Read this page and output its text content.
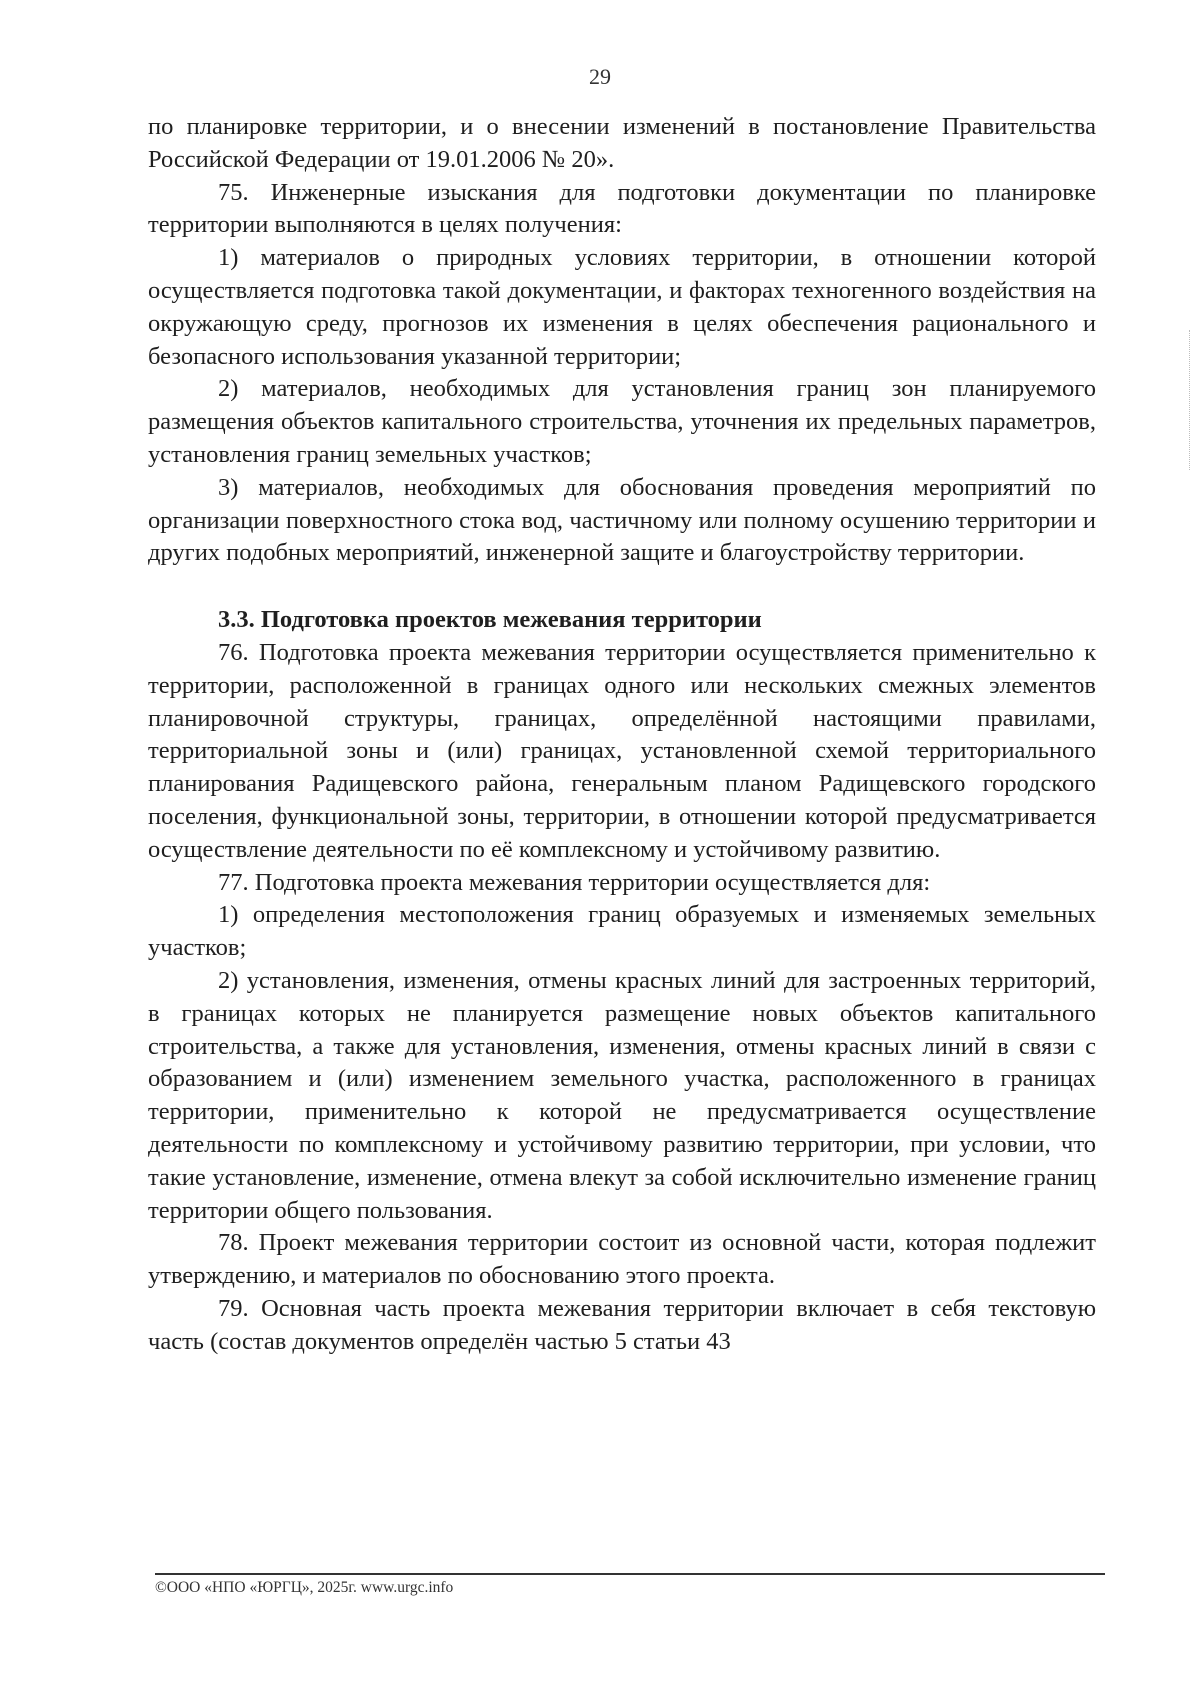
29

по планировке территории, и о внесении изменений в постановление Правительства Российской Федерации от 19.01.2006 № 20».

75. Инженерные изыскания для подготовки документации по планировке территории выполняются в целях получения:

1) материалов о природных условиях территории, в отношении которой осуществляется подготовка такой документации, и факторах техногенного воздействия на окружающую среду, прогнозов их изменения в целях обеспечения рационального и безопасного использования указанной территории;

2) материалов, необходимых для установления границ зон планируемого размещения объектов капитального строительства, уточнения их предельных параметров, установления границ земельных участков;

3) материалов, необходимых для обоснования проведения мероприятий по организации поверхностного стока вод, частичному или полному осушению территории и других подобных мероприятий, инженерной защите и благоустройству территории.

3.3. Подготовка проектов межевания территории

76. Подготовка проекта межевания территории осуществляется применительно к территории, расположенной в границах одного или нескольких смежных элементов планировочной структуры, границах, определённой настоящими правилами, территориальной зоны и (или) границах, установленной схемой территориального планирования Радищевского района, генеральным планом Радищевского городского поселения, функциональной зоны, территории, в отношении которой предусматривается осуществление деятельности по её комплексному и устойчивому развитию.

77. Подготовка проекта межевания территории осуществляется для:

1) определения местоположения границ образуемых и изменяемых земельных участков;

2) установления, изменения, отмены красных линий для застроенных территорий, в границах которых не планируется размещение новых объектов капитального строительства, а также для установления, изменения, отмены красных линий в связи с образованием и (или) изменением земельного участка, расположенного в границах территории, применительно к которой не предусматривается осуществление деятельности по комплексному и устойчивому развитию территории, при условии, что такие установление, изменение, отмена влекут за собой исключительно изменение границ территории общего пользования.

78. Проект межевания территории состоит из основной части, которая подлежит утверждению, и материалов по обоснованию этого проекта.

79. Основная часть проекта межевания территории включает в себя текстовую часть (состав документов определён частью 5 статьи 43

©ООО «НПО «ЮРГЦ», 2025г. www.urgc.info
